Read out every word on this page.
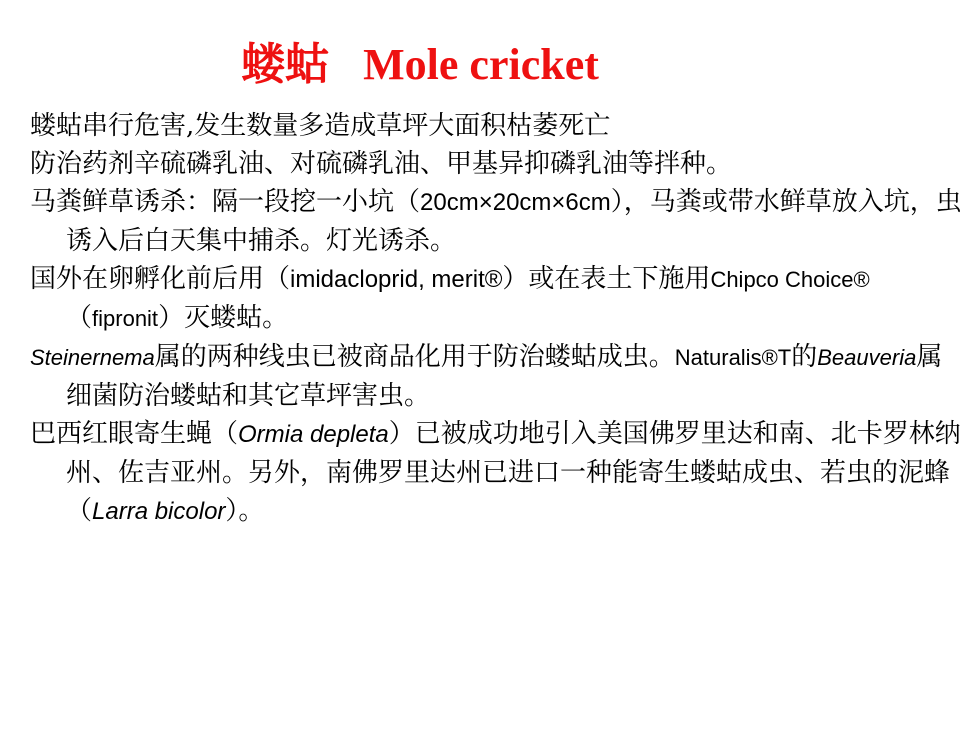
蝼蛄 Mole cricket

蝼蛄串行危害,发生数量多造成草坪大面积枯萎死亡

防治药剂辛硫磷乳油、对硫磷乳油、甲基异抑磷乳油等拌种。

马粪鲜草诱杀：隔一段挖一小坑（20cm×20cm×6cm），马粪或带水鲜草放入坑，虫诱入后白天集中捕杀。灯光诱杀。

国外在卵孵化前后用（imidacloprid, merit®）或在表土下施用Chipco Choice®（fipronit）灭蝼蛄。

Steinernema属的两种线虫已被商品化用于防治蝼蛄成虫。Naturalis®T的Beauveria属细菌防治蝼蛄和其它草坪害虫。

巴西红眼寄生蝇（Ormia depleta）已被成功地引入美国佛罗里达和南、北卡罗林纳州、佐吉亚州。另外，南佛罗里达州已进口一种能寄生蝼蛄成虫、若虫的泥蜂（Larra bicolor）。
